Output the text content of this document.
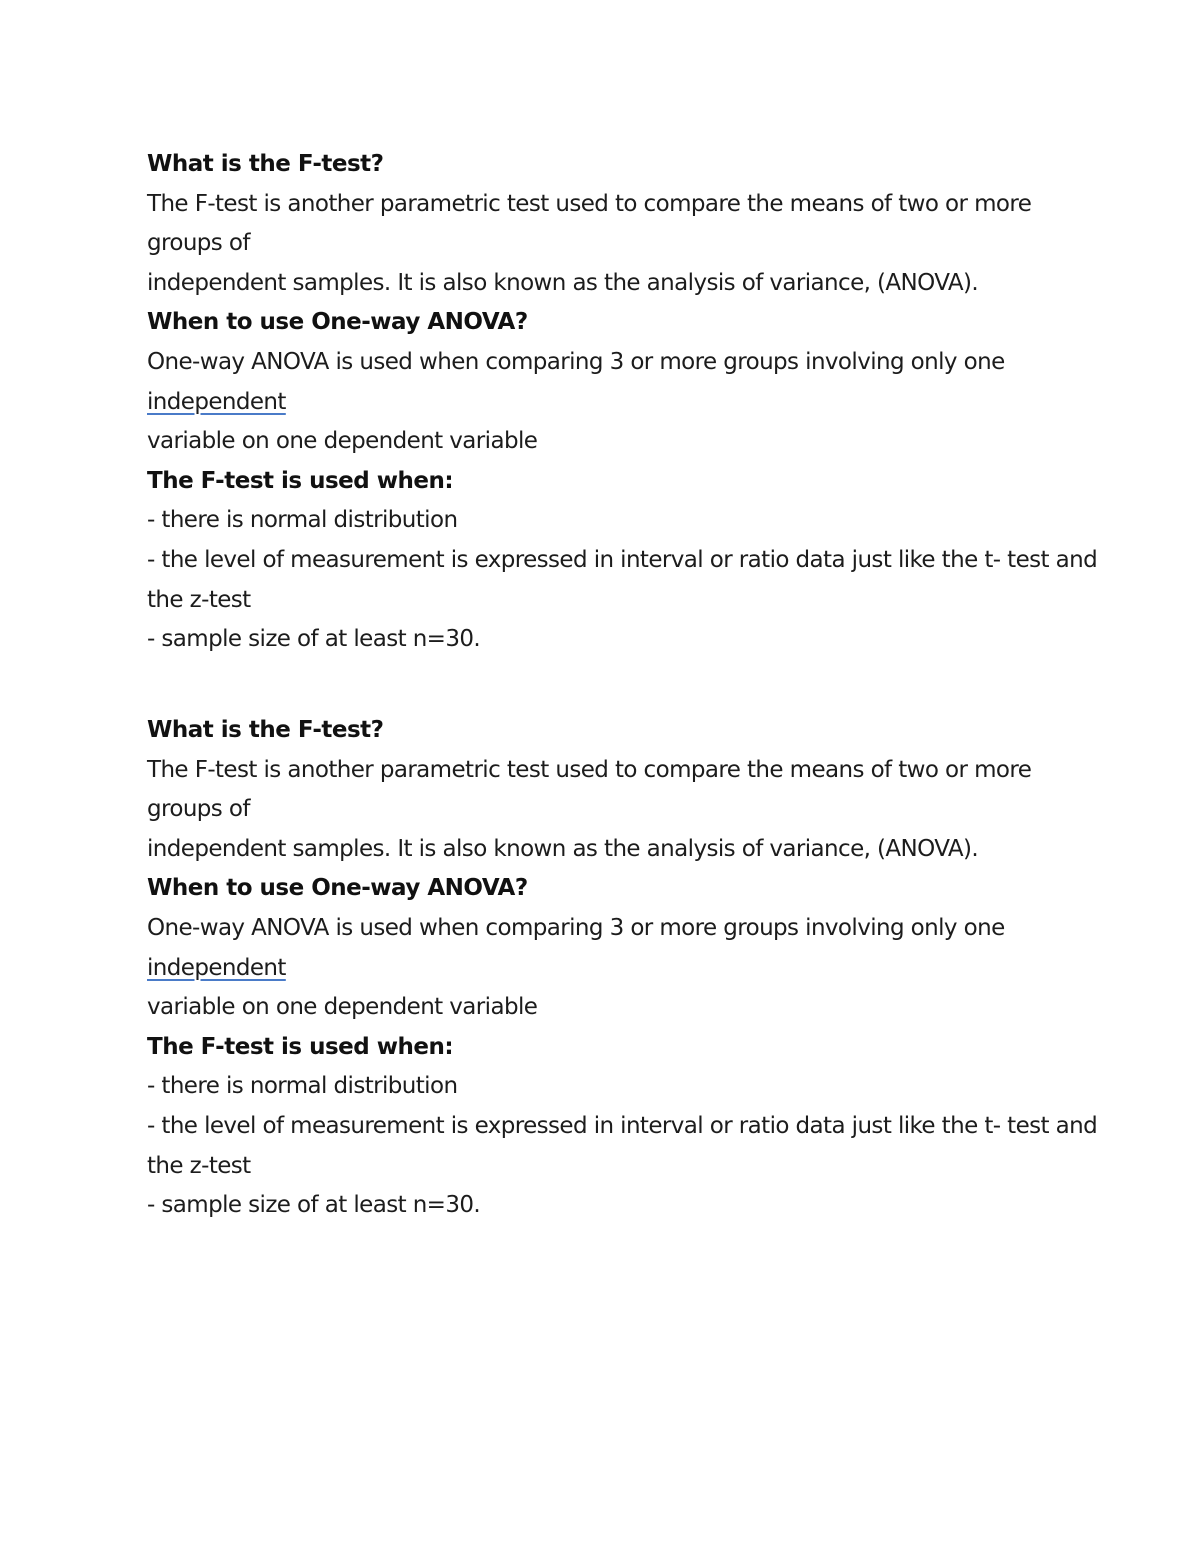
What is the F-test?
The F-test is another parametric test used to compare the means of two or more
groups of
independent samples. It is also known as the analysis of variance, (ANOVA).
When to use One-way ANOVA?
One-way ANOVA is used when comparing 3 or more groups involving only one
independent
variable on one dependent variable
The F-test is used when:
- there is normal distribution
- the level of measurement is expressed in interval or ratio data just like the t- test and
the z-test
- sample size of at least n=30.
What is the F-test?
The F-test is another parametric test used to compare the means of two or more
groups of
independent samples. It is also known as the analysis of variance, (ANOVA).
When to use One-way ANOVA?
One-way ANOVA is used when comparing 3 or more groups involving only one
independent
variable on one dependent variable
The F-test is used when:
- there is normal distribution
- the level of measurement is expressed in interval or ratio data just like the t- test and
the z-test
- sample size of at least n=30.
